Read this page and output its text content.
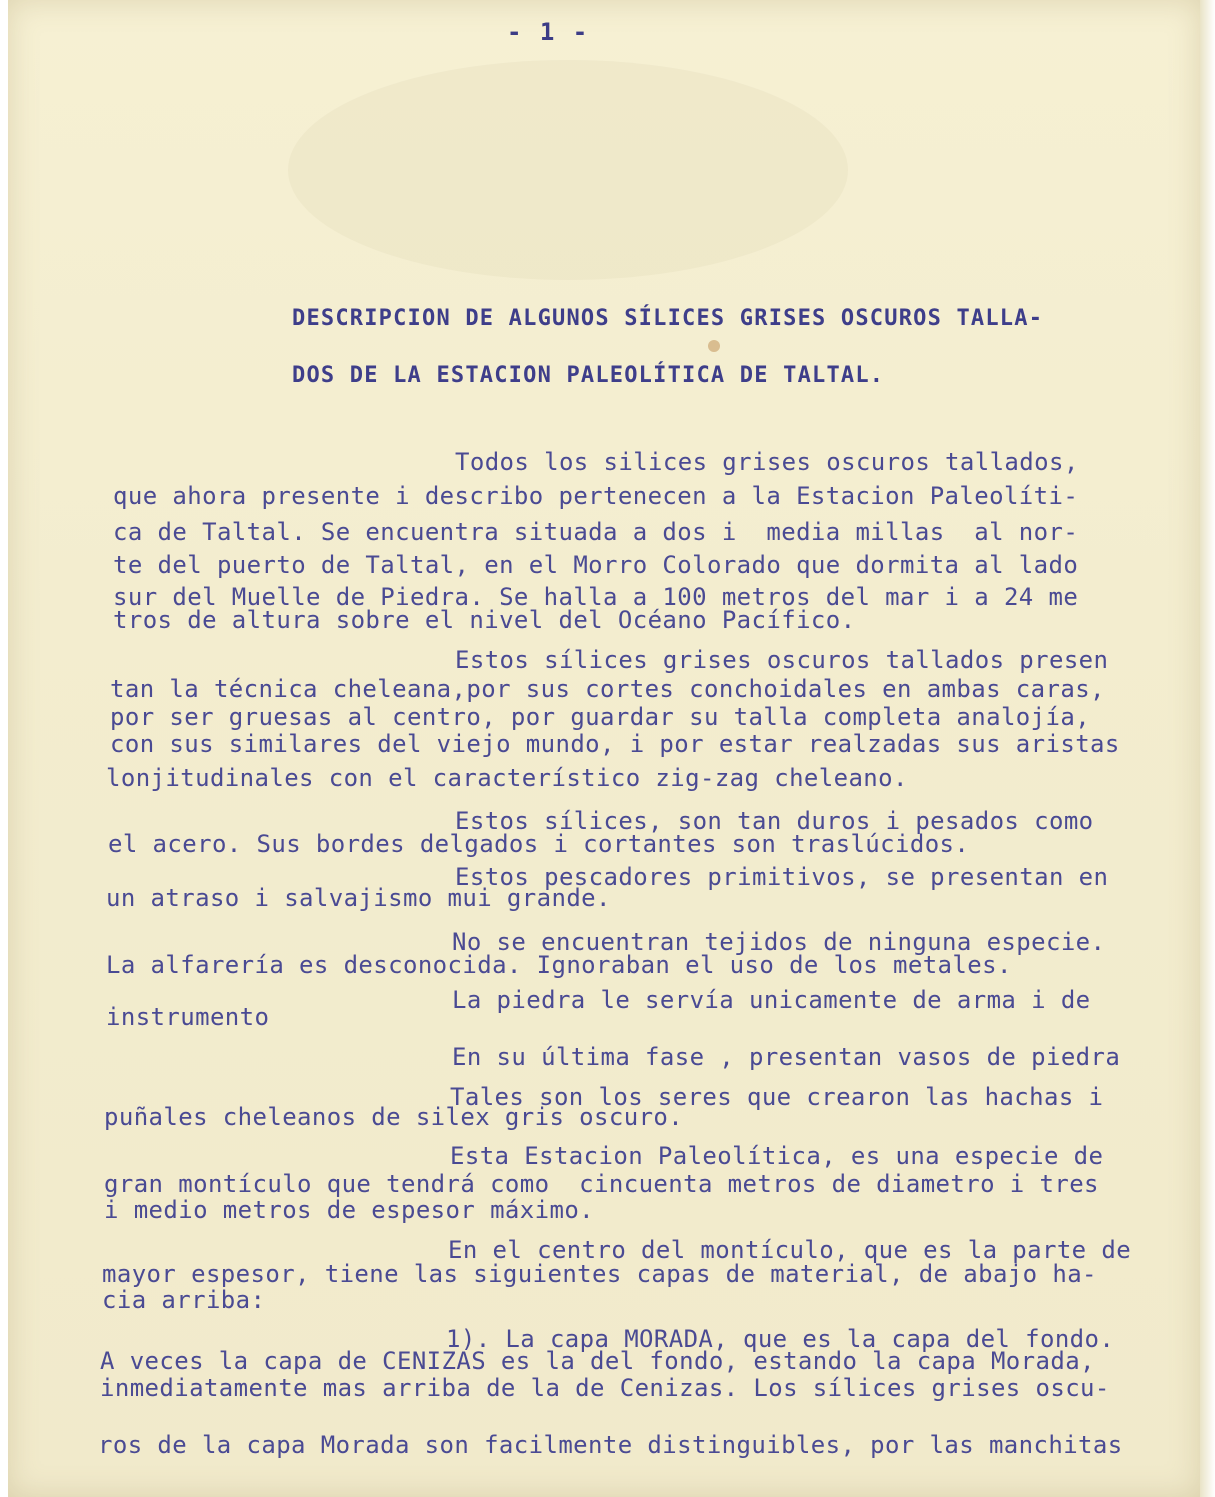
- 1 -
DESCRIPCION DE ALGUNOS SÍLICES GRISES OSCUROS TALLA-
DOS DE LA ESTACION PALEOLÍTICA DE TALTAL.
Todos los silices grises oscuros tallados,
que ahora presente i describo pertenecen a la Estacion Paleolíti-
ca de Taltal. Se encuentra situada a dos i  media millas  al nor-
te del puerto de Taltal, en el Morro Colorado que dormita al lado
sur del Muelle de Piedra. Se halla a 100 metros del mar i a 24 me
tros de altura sobre el nivel del Océano Pacífico.
Estos sílices grises oscuros tallados presen
tan la técnica cheleana,por sus cortes conchoidales en ambas caras,
por ser gruesas al centro, por guardar su talla completa analojía,
con sus similares del viejo mundo, i por estar realzadas sus aristas
lonjitudinales con el característico zig-zag cheleano.
Estos sílices, son tan duros i pesados como
el acero. Sus bordes delgados i cortantes son traslúcidos.
Estos pescadores primitivos, se presentan en
un atraso i salvajismo mui grande.
No se encuentran tejidos de ninguna especie.
La alfarería es desconocida. Ignoraban el uso de los metales.
La piedra le servía unicamente de arma i de
instrumento
En su última fase , presentan vasos de piedra
Tales son los seres que crearon las hachas i
puñales cheleanos de silex gris oscuro.
Esta Estacion Paleolítica, es una especie de
gran montículo que tendrá como  cincuenta metros de diametro i tres
i medio metros de espesor máximo.
En el centro del montículo, que es la parte de
mayor espesor, tiene las siguientes capas de material, de abajo ha-
cia arriba:
1). La capa MORADA, que es la capa del fondo.
A veces la capa de CENIZAS es la del fondo, estando la capa Morada,
inmediatamente mas arriba de la de Cenizas. Los sílices grises oscu-
ros de la capa Morada son facilmente distinguibles, por las manchitas
